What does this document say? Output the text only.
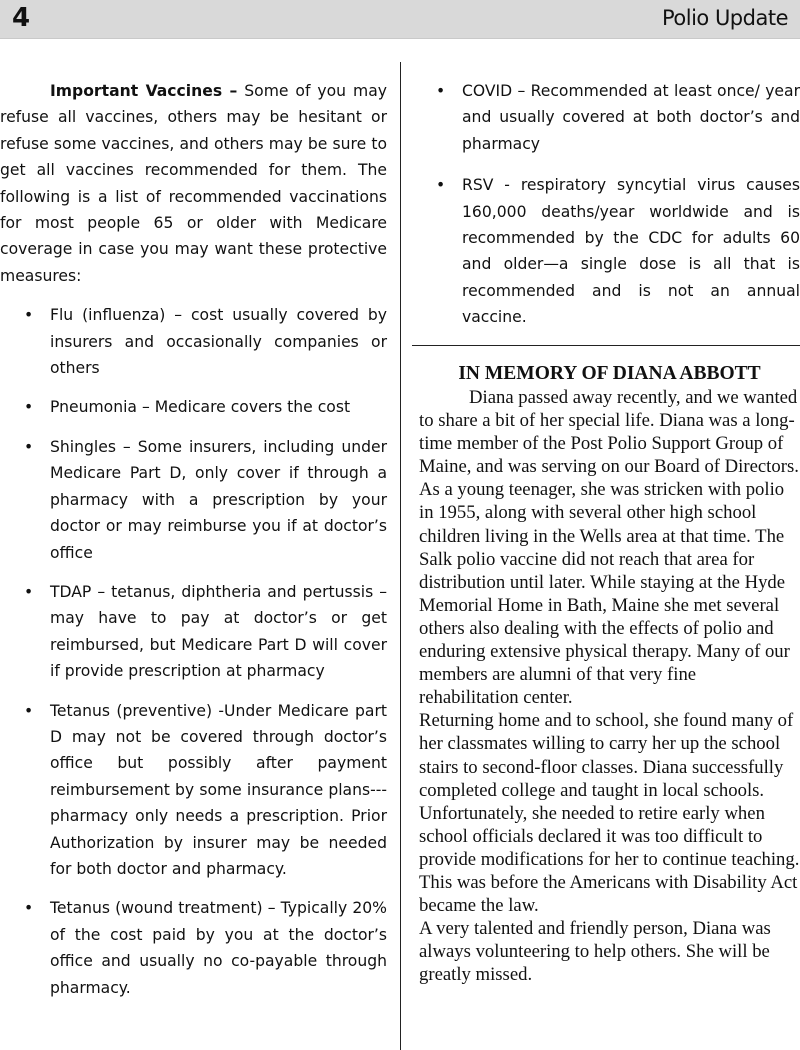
4	Polio Update

Important Vaccines – Some of you may refuse all vaccines, others may be hesitant or refuse some vaccines, and others may be sure to get all vaccines recommended for them. The following is a list of recommended vaccinations for most people 65 or older with Medicare coverage in case you may want these protective measures:

• Flu (influenza) – cost usually covered by insurers and occasionally companies or others
• Pneumonia – Medicare covers the cost
• Shingles – Some insurers, including under Medicare Part D, only cover if through a pharmacy with a prescription by your doctor or may reimburse you if at doctor’s office
• TDAP – tetanus, diphtheria and pertussis – may have to pay at doctor’s or get reimbursed, but Medicare Part D will cover if provide prescription at pharmacy
• Tetanus (preventive) -Under Medicare part D may not be covered through doctor’s office but possibly after payment reimbursement by some insurance plans---pharmacy only needs a prescription. Prior Authorization by insurer may be needed for both doctor and pharmacy.
• Tetanus (wound treatment) – Typically 20% of the cost paid by you at the doctor’s office and usually no co-payable through pharmacy.
• COVID – Recommended at least once/ year and usually covered at both doctor’s and pharmacy
• RSV - respiratory syncytial virus causes 160,000 deaths/year worldwide and is recommended by the CDC for adults 60 and older—a single dose is all that is recommended and is not an annual vaccine.
IN MEMORY OF DIANA ABBOTT

Diana passed away recently, and we wanted to share a bit of her special life. Diana was a long-time member of the Post Polio Support Group of Maine, and was serving on our Board of Directors. As a young teenager, she was stricken with polio in 1955, along with several other high school children living in the Wells area at that time. The Salk polio vaccine did not reach that area for distribution until later. While staying at the Hyde Memorial Home in Bath, Maine she met several others also dealing with the effects of polio and enduring extensive physical therapy. Many of our members are alumni of that very fine rehabilitation center.

Returning home and to school, she found many of her classmates willing to carry her up the school stairs to second-floor classes. Diana successfully completed college and taught in local schools. Unfortunately, she needed to retire early when school officials declared it was too difficult to provide modifications for her to continue teaching. This was before the Americans with Disability Act became the law.

A very talented and friendly person, Diana was always volunteering to help others. She will be greatly missed.
